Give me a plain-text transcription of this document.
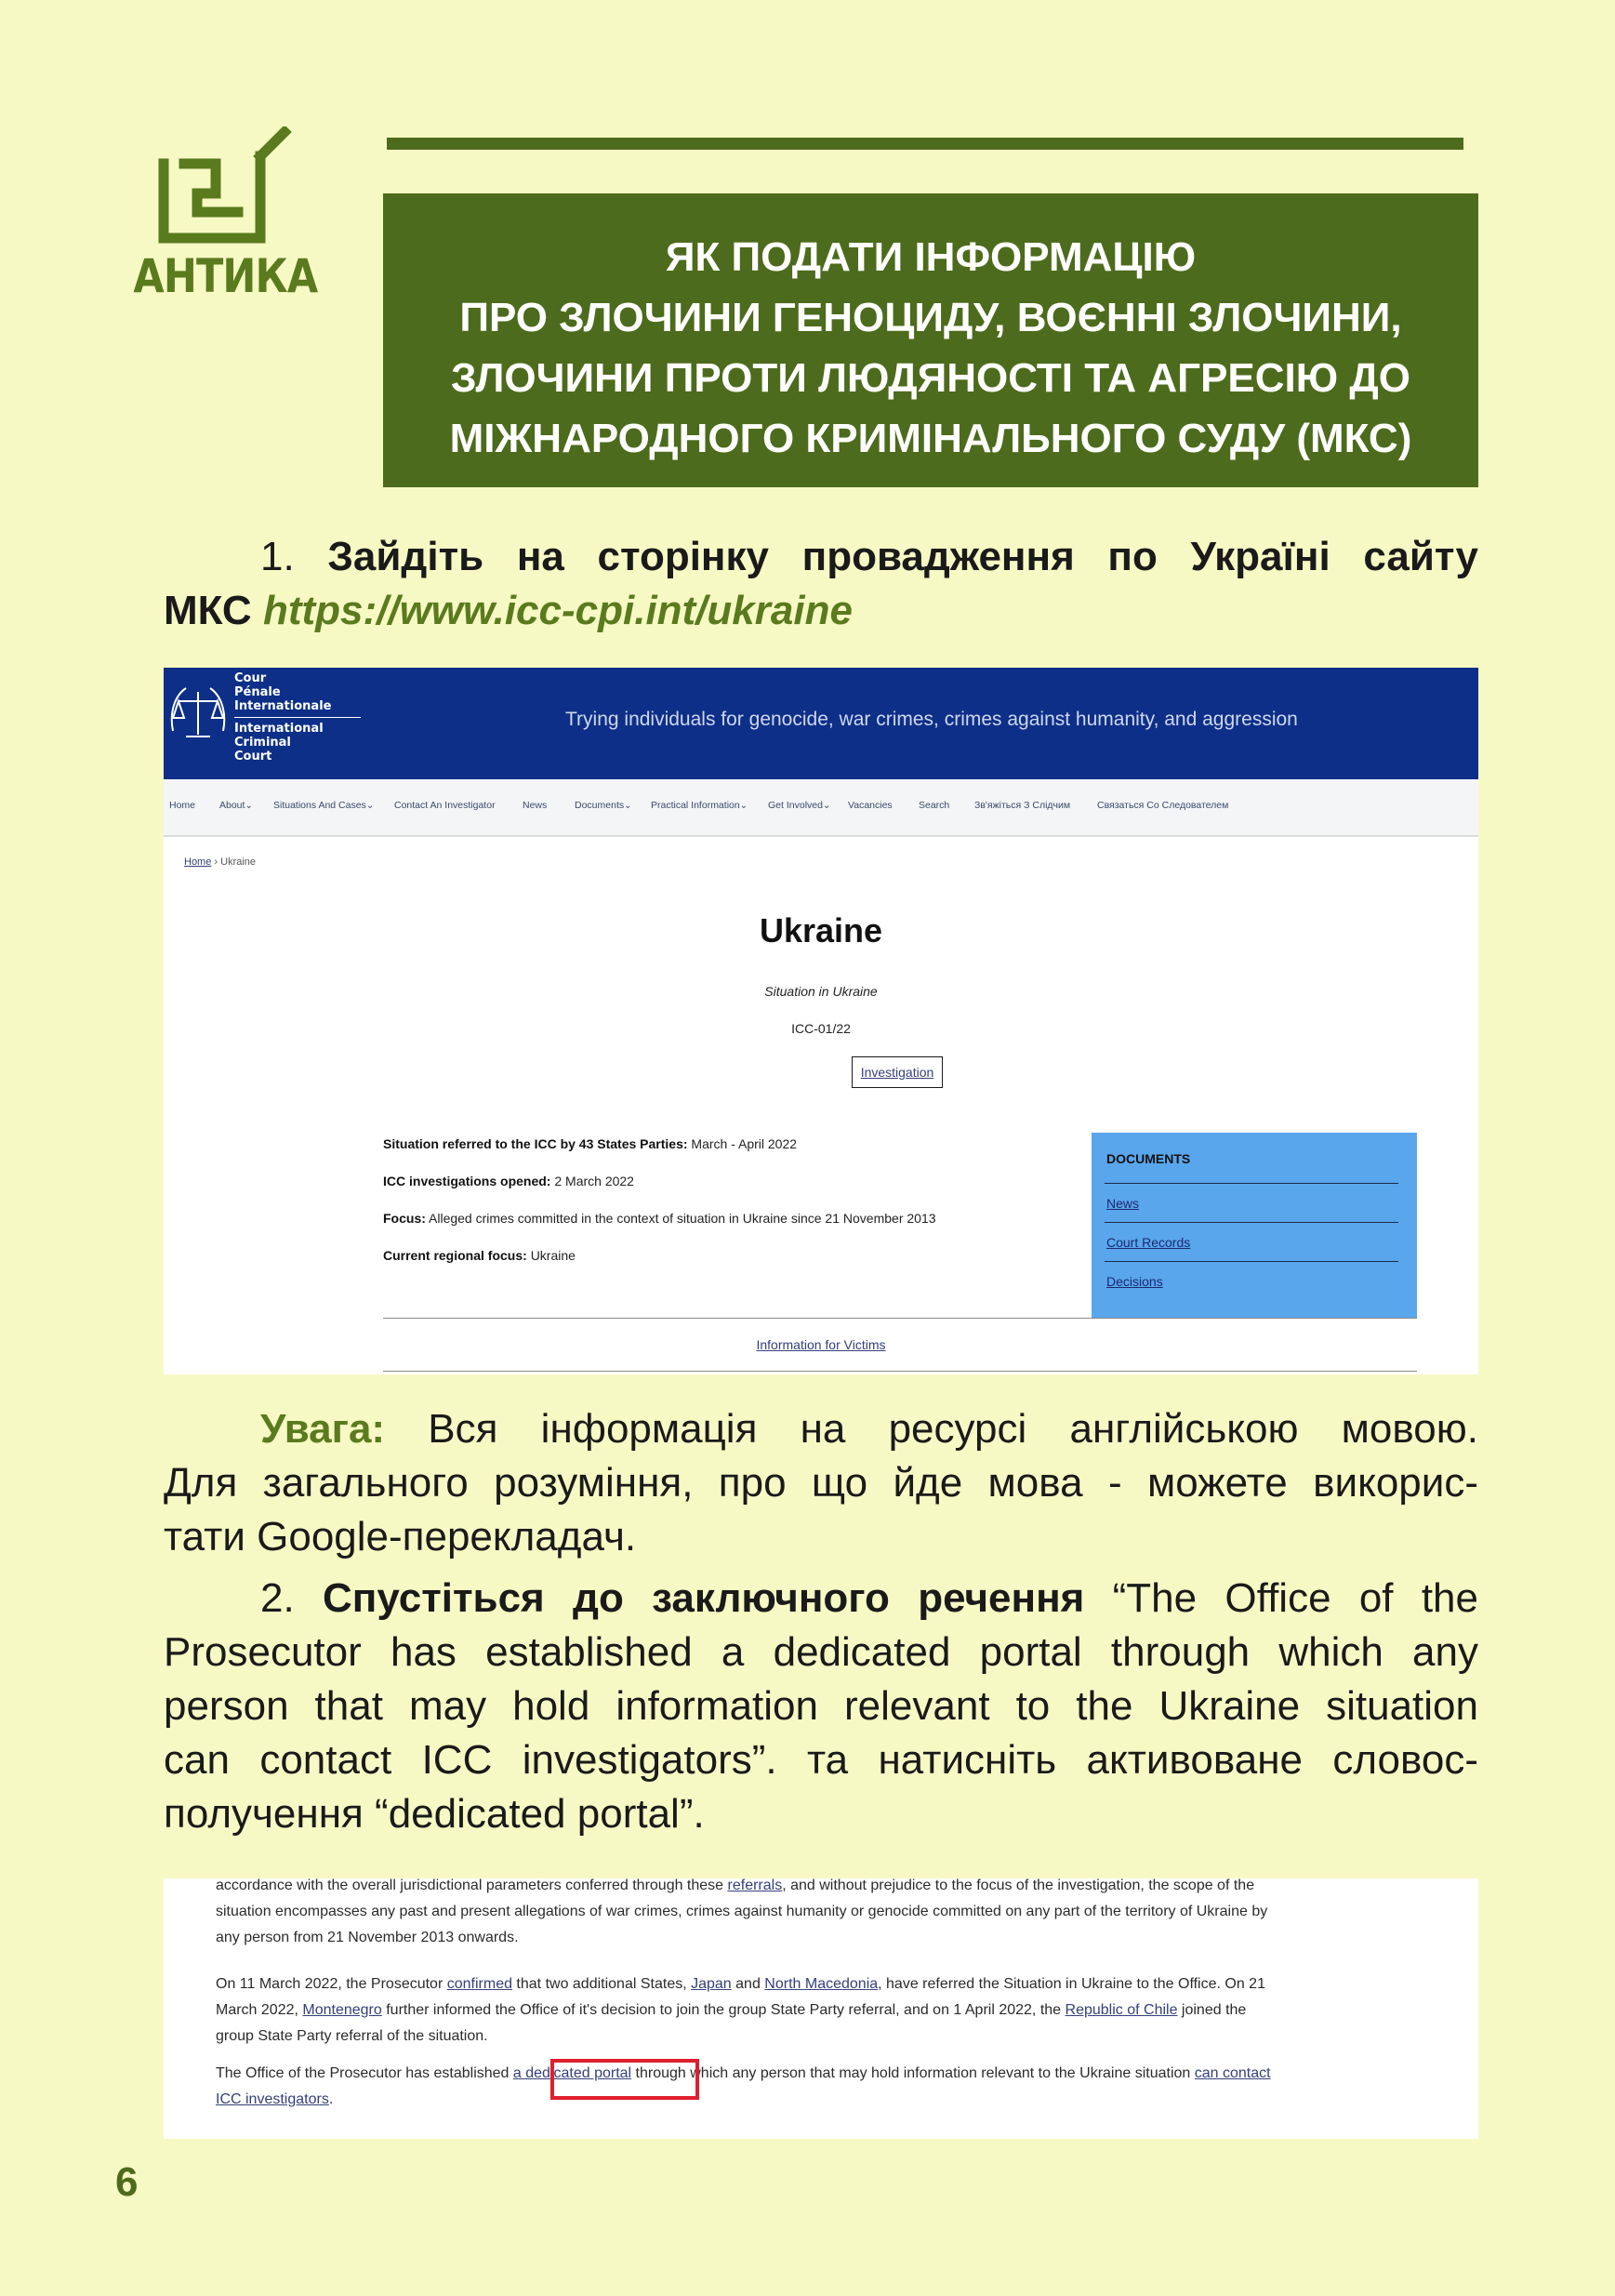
АНТИКА	ЯК ПОДАТИ ІНФОРМАЦІЮ
ПРО ЗЛОЧИНИ ГЕНОЦИДУ, ВОЄННІ ЗЛОЧИНИ,
ЗЛОЧИНИ ПРОТИ ЛЮДЯНОСТІ ТА АГРЕСІЮ ДО
МІЖНАРОДНОГО КРИМІНАЛЬНОГО СУДУ (МКС)
1. Зайдіть на сторінку провадження по Україні сайту
МКС https://www.icc-cpi.int/ukraine
Cour
Pénale
Internationale
International
Criminal
Court
Trying individuals for genocide, war crimes, crimes against humanity, and aggression
Home About⌄ Situations And Cases⌄ Contact An Investigator	News	Documents⌄ Practical Information⌄ Get Involved⌄ Vacancies	Search	Зв'яжіться З Слідчим	Связаться Со Следователем
Home › Ukraine
Ukraine
Situation in Ukraine
ICC-01/22
Investigation
Situation referred to the ICC by 43 States Parties: March - April 2022
ICC investigations opened: 2 March 2022
Focus: Alleged crimes committed in the context of situation in Ukraine since 21 November 2013
Current regional focus: Ukraine
DOCUMENTS
News
Court Records
Decisions
Information for Victims
Увага: Вся інформація на ресурсі англійською мовою.
Для загального розуміння, про що йде мова - можете викорис-
тати Google-перекладач.
2. Спустіться до заключного речення “The Office of the
Prosecutor has established a dedicated portal through which any
person that may hold information relevant to the Ukraine situation
can contact ICC investigators”. та натисніть активоване словос-
получення “dedicated portal”.
accordance with the overall jurisdictional parameters conferred through these referrals, and without prejudice to the focus of the investigation, the scope of the
situation encompasses any past and present allegations of war crimes, crimes against humanity or genocide committed on any part of the territory of Ukraine by
any person from 21 November 2013 onwards.
On 11 March 2022, the Prosecutor confirmed that two additional States, Japan and North Macedonia, have referred the Situation in Ukraine to the Office. On 21
March 2022, Montenegro further informed the Office of it's decision to join the group State Party referral, and on 1 April 2022, the Republic of Chile joined the
group State Party referral of the situation.
The Office of the Prosecutor has established a dedicated portal through which any person that may hold information relevant to the Ukraine situation can contact
ICC investigators.
6
